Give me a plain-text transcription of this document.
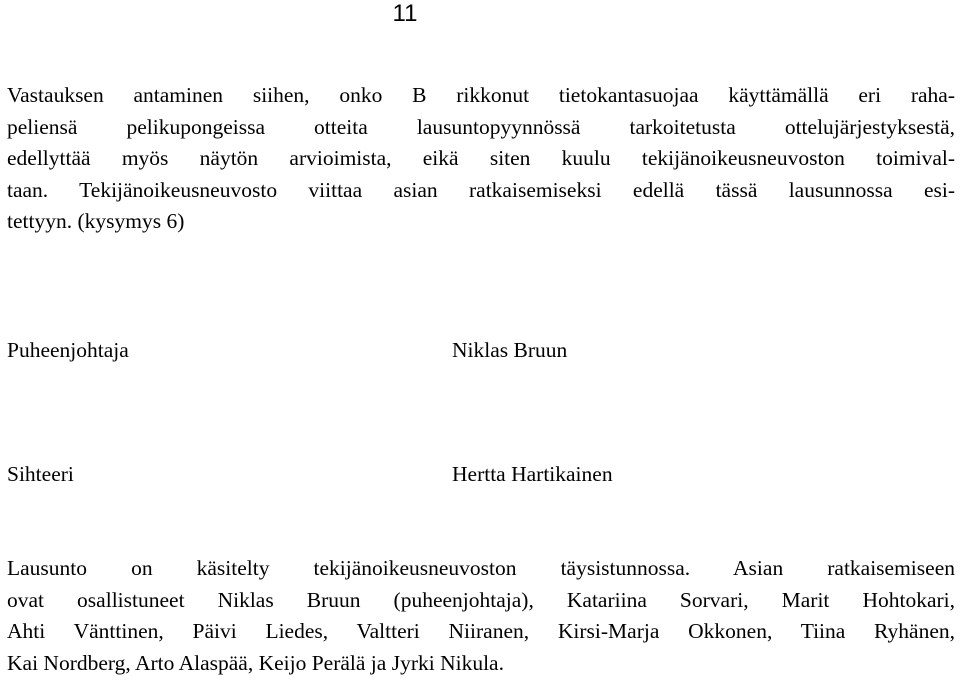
11
Vastauksen antaminen siihen, onko B rikkonut tietokantasuojaa käyttämällä eri raha-
peliensä pelikupongeissa otteita lausuntopyynnössä tarkoitetusta ottelujärjestyksestä,
edellyttää myös näytön arvioimista, eikä siten kuulu tekijänoikeusneuvoston toimival-
taan. Tekijänoikeusneuvosto viittaa asian ratkaisemiseksi edellä tässä lausunnossa esi-
tettyyn. (kysymys 6)
Puheenjohtaja	Niklas Bruun
Sihteeri	Hertta Hartikainen
Lausunto on käsitelty tekijänoikeusneuvoston täysistunnossa. Asian ratkaisemiseen
ovat osallistuneet Niklas Bruun (puheenjohtaja), Katariina Sorvari, Marit Hohtokari,
Ahti Vänttinen, Päivi Liedes, Valtteri Niiranen, Kirsi-Marja Okkonen, Tiina Ryhänen,
Kai Nordberg, Arto Alaspää, Keijo Perälä ja Jyrki Nikula.
